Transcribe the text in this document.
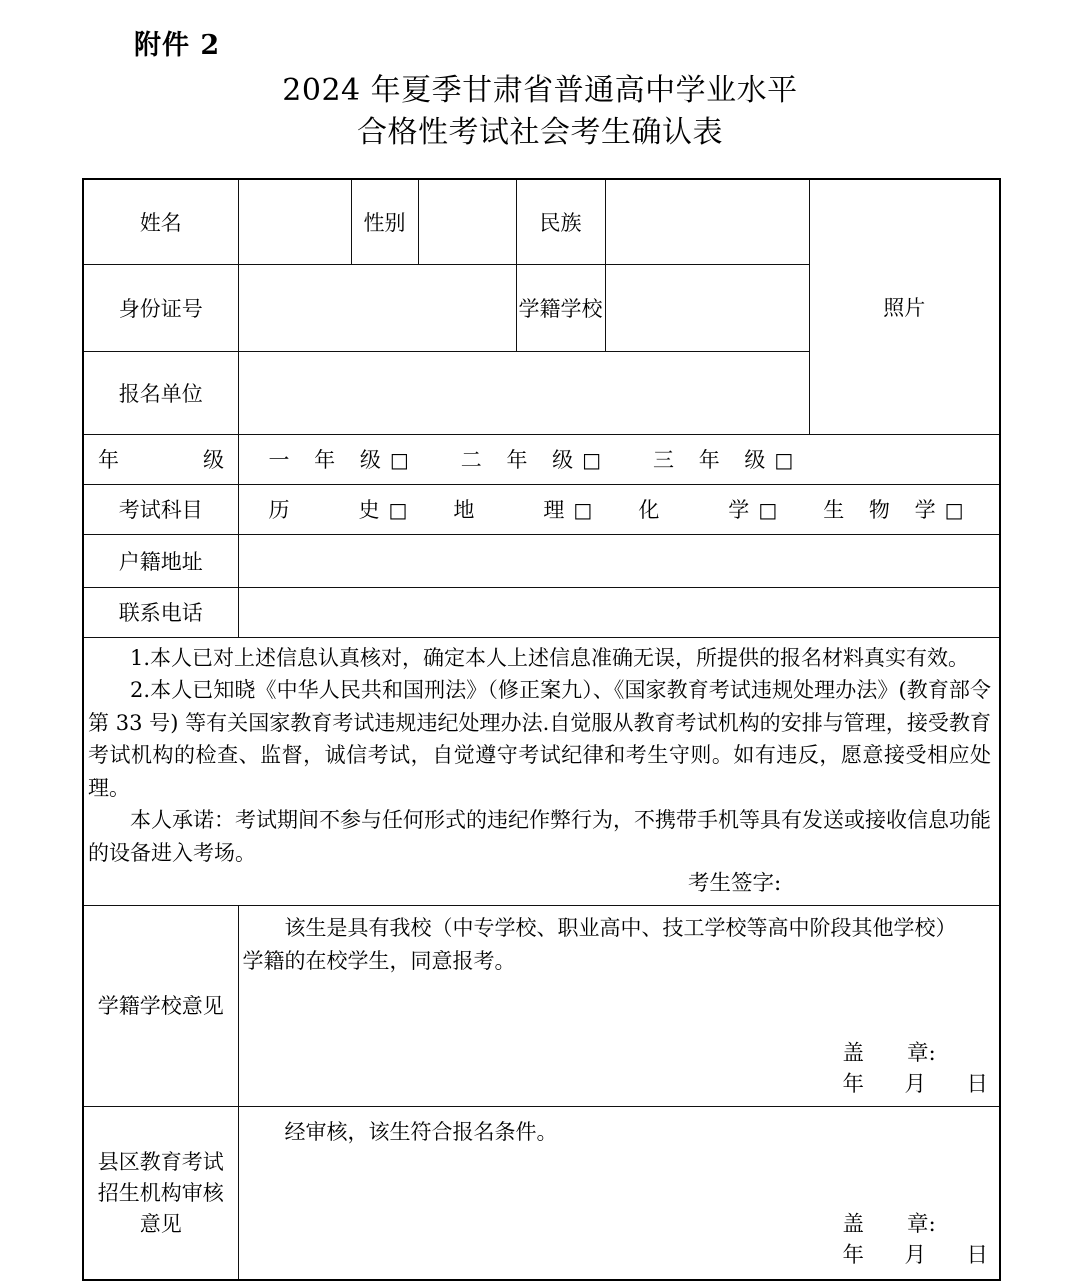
附件 2
2024 年夏季甘肃省普通高中学业水平
合格性考试社会考生确认表
姓名		性别		民族		照片
身份证号				学籍学校		
报名单位						
年　　级	一 年 级□ 二 年 级□ 三 年 级□					
考试科目	历　　史□ 地　　理□ 化　　学□ 生 物 学□					
户籍地址						
联系电话						

1.本人已对上述信息认真核对，确定本人上述信息准确无误，所提供的报名材料真实有效。

2.本人已知晓《中华人民共和国刑法》（修正案九）、《国家教育考试违规处理办法》(教育部令第 33 号) 等有关国家教育考试违规违纪处理办法.自觉服从教育考试机构的安排与管理，接受教育考试机构的检查、监督，诚信考试，自觉遵守考试纪律和考生守则。如有违反，愿意接受相应处理。

本人承诺：考试期间不参与任何形式的违纪作弊行为，不携带手机等具有发送或接收信息功能的设备进入考场。

考生签字:						

学籍学校意见	该生是具有我校（中专学校、职业高中、技工学校等高中阶段其他学校）

学籍的在校学生，同意报考。

盖　　章:

年 月 日					

县区教育考试
招生机构审核
意见

经审核，该生符合报名条件。

盖　　章:

年 月 日
